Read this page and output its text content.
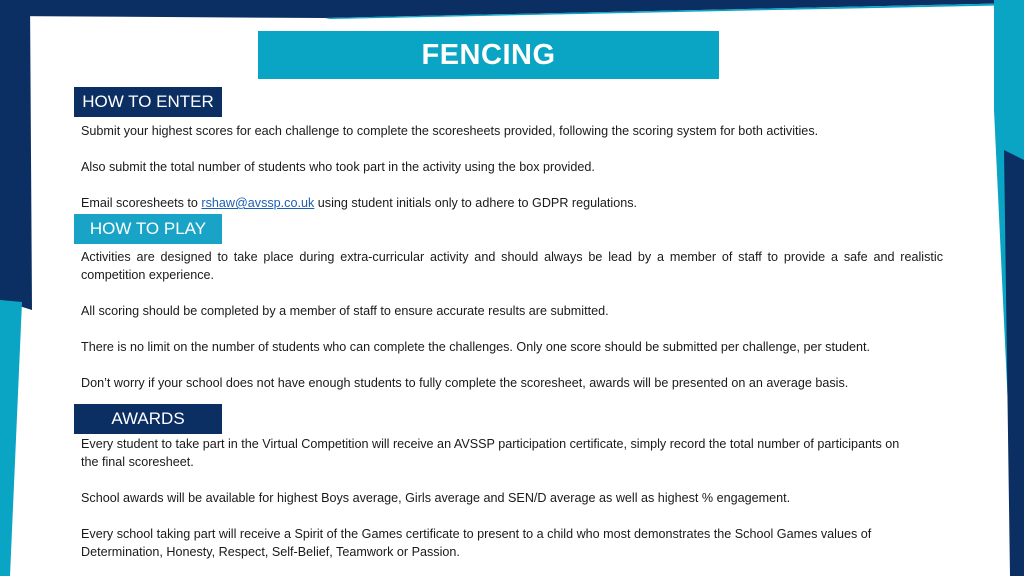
FENCING
HOW TO ENTER

Submit your highest scores for each challenge to complete the scoresheets provided, following the scoring system for both activities.

Also submit the total number of students who took part in the activity using the box provided.

Email scoresheets to rshaw@avssp.co.uk using student initials only to adhere to GDPR regulations.

HOW TO PLAY

Activities are designed to take place during extra-curricular activity and should always be lead by a member of staff to provide a safe and realistic competition experience.

All scoring should be completed by a member of staff to ensure accurate results are submitted.

There is no limit on the number of students who can complete the challenges. Only one score should be submitted per challenge, per student.

Don’t worry if your school does not have enough students to fully complete the scoresheet, awards will be presented on an average basis.

AWARDS

Every student to take part in the Virtual Competition will receive an AVSSP participation certificate, simply record the total number of participants on the final scoresheet.

School awards will be available for highest Boys average, Girls average and SEN/D average as well as highest % engagement.

Every school taking part will receive a Spirit of the Games certificate to present to a child who most demonstrates the School Games values of Determination, Honesty, Respect, Self-Belief, Teamwork or Passion.
